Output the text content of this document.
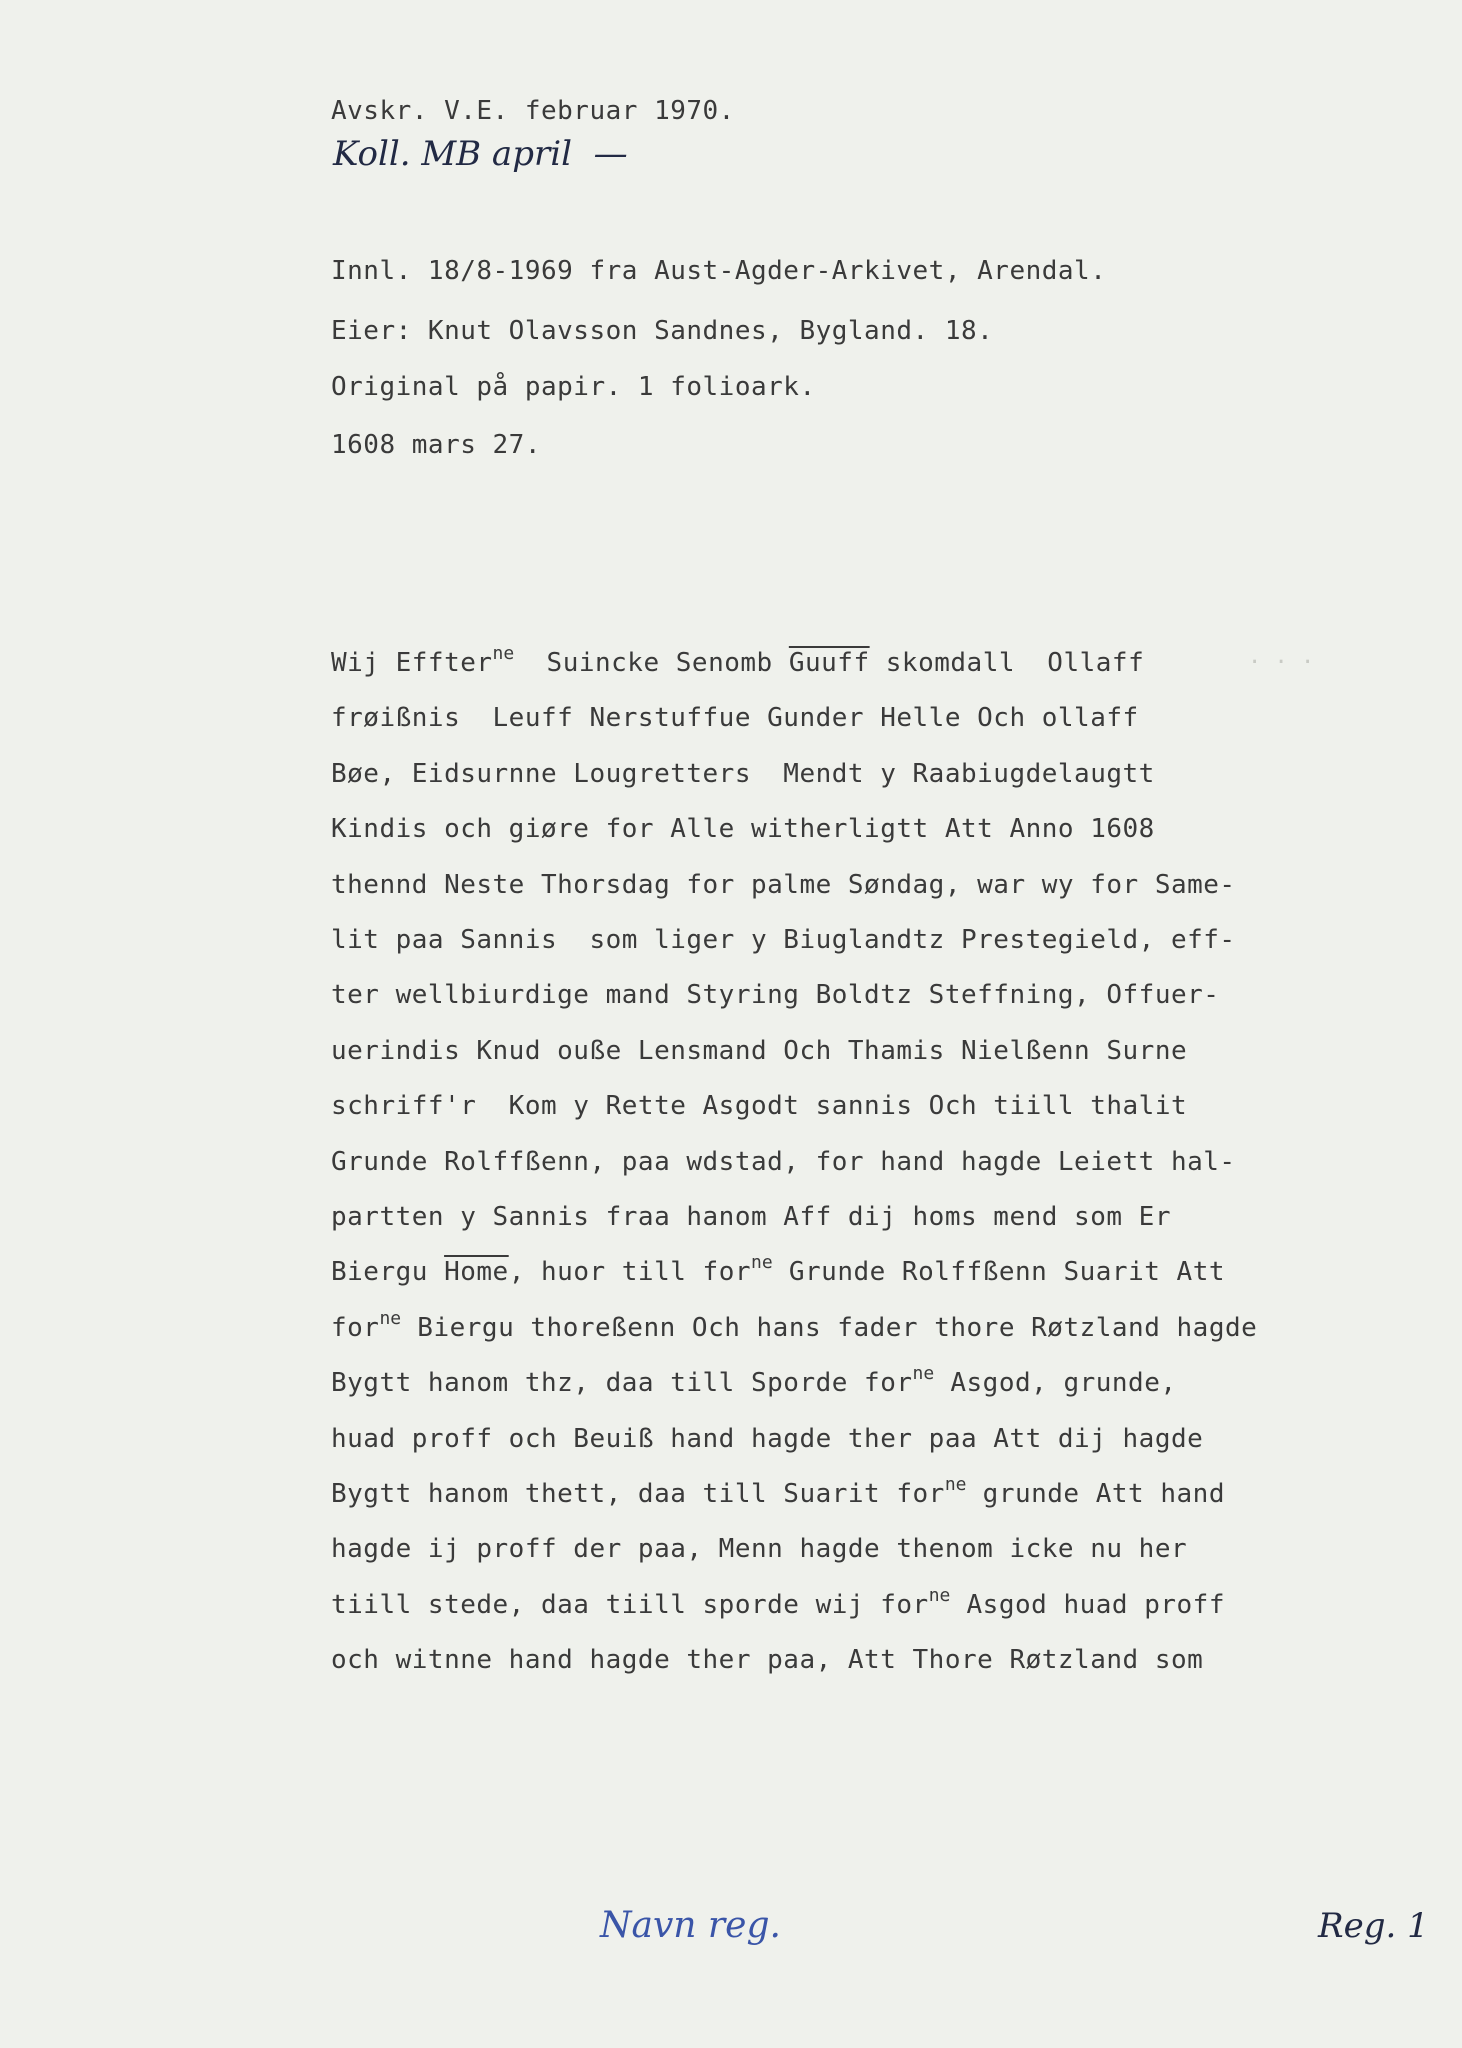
Avskr. V.E. februar 1970.
Koll. MB april  —
Innl. 18/8-1969 fra Aust-Agder-Arkivet, Arendal.
Eier: Knut Olavsson Sandnes, Bygland. 18.
Original på papir. 1 folioark.
1608 mars 27.
Wij Effter$^{ne}$  Suincke Senomb Guuff skomdall  Ollaff
frøißnis  Leuff Nerstuffue Gunder Helle Och ollaff
Bøe, Eidsurnne Lougretters  Mendt y Raabiugdelaugtt
Kindis och giøre for Alle witherligtt Att Anno 1608
thennd Neste Thorsdag for palme Søndag, war wy for Same-
lit paa Sannis  som liger y Biuglandtz Prestegield, eff-
ter wellbiurdige mand Styring Boldtz Steffning, Offuer-
uerindis Knud ouße Lensmand Och Thamis Nielßenn Surne
schriff'r  Kom y Rette Asgodt sannis Och tiill thalit
Grunde Rolffßenn, paa wdstad, for hand hagde Leiett hal-
partten y Sannis fraa hanom Aff dij homs mend som Er
Biergu Home, huor till for$^{ne}$ Grunde Rolffßenn Suarit Att
for$^{ne}$ Biergu thoreßenn Och hans fader thore Røtzland hagde
Bygtt hanom thz, daa till Sporde for$^{ne}$ Asgod, grunde,
huad proff och Beuiß hand hagde ther paa Att dij hagde
Bygtt hanom thett, daa till Suarit for$^{ne}$ grunde Att hand
hagde ij proff der paa, Menn hagde thenom icke nu her
tiill stede, daa tiill sporde wij for$^{ne}$ Asgod huad proff
och witnne hand hagde ther paa, Att Thore Røtzland som
· · ·
Navn reg.	Reg. 1
